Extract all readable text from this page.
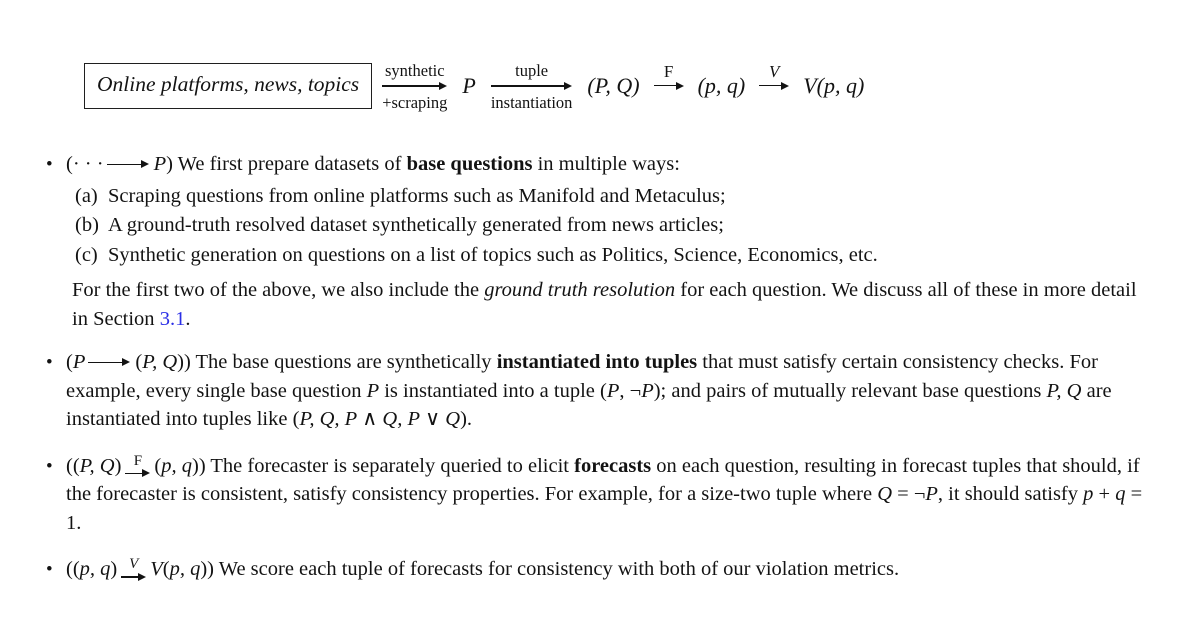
Online platforms, news, topics
synthetic
+scraping
P
tuple
instantiation
(P, Q)
F
(p, q)
V
V(p, q)
• (· · · P) We first prepare datasets of base questions in multiple ways:
(a) Scraping questions from online platforms such as Manifold and Metaculus;
(b) A ground-truth resolved dataset synthetically generated from news articles;
(c) Synthetic generation on questions on a list of topics such as Politics, Science, Economics, etc.
For the first two of the above, we also include the ground truth resolution for each question. We discuss all of these in more detail in Section 3.1.
• (P (P, Q)) The base questions are synthetically instantiated into tuples that must satisfy certain consistency checks. For example, every single base question P is instantiated into a tuple (P, ¬P); and pairs of mutually relevant base questions P, Q are instantiated into tuples like (P, Q, P ∧ Q, P ∨ Q).
• ((P, Q) F (p, q)) The forecaster is separately queried to elicit forecasts on each question, resulting in forecast tuples that should, if the forecaster is consistent, satisfy consistency properties. For example, for a size-two tuple where Q = ¬P, it should satisfy p + q = 1.
• ((p, q) V V(p, q)) We score each tuple of forecasts for consistency with both of our violation metrics.
